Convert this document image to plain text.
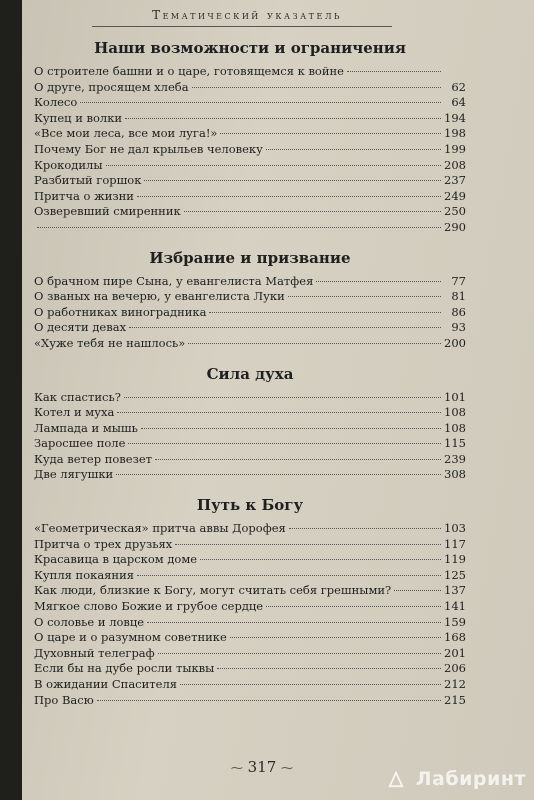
Тематический указатель
Наши возможности и ограничения
О строителе башни и о царе, готовящемся к войне
О друге, просящем хлеба	62
Колесо	64
Купец и волки	194
«Все мои леса, все мои луга!»	198
Почему Бог не дал крыльев человеку	199
Крокодилы	208
Разбитый горшок	237
Притча о жизни	249
Озверевший смиренник	250
290
Избрание и призвание
О брачном пире Сына, у евангелиста Матфея	77
О званых на вечерю, у евангелиста Луки	81
О работниках виноградника	86
О десяти девах	93
«Хуже тебя не нашлось»	200
Сила духа
Как спастись?	101
Котел и муха	108
Лампада и мышь	108
Заросшее поле	115
Куда ветер повезет	239
Две лягушки	308
Путь к Богу
«Геометрическая» притча аввы Дорофея	103
Притча о трех друзьях	117
Красавица в царском доме	119
Купля покаяния	125
Как люди, близкие к Богу, могут считать себя грешными?	137
Мягкое слово Божие и грубое сердце	141
О соловье и ловце	159
О царе и о разумном советнике	168
Духовный телеграф	201
Если бы на дубе росли тыквы	206
В ожидании Спасителя	212
Про Васю	215
⁓ 317 ⁓	Лабиринт
